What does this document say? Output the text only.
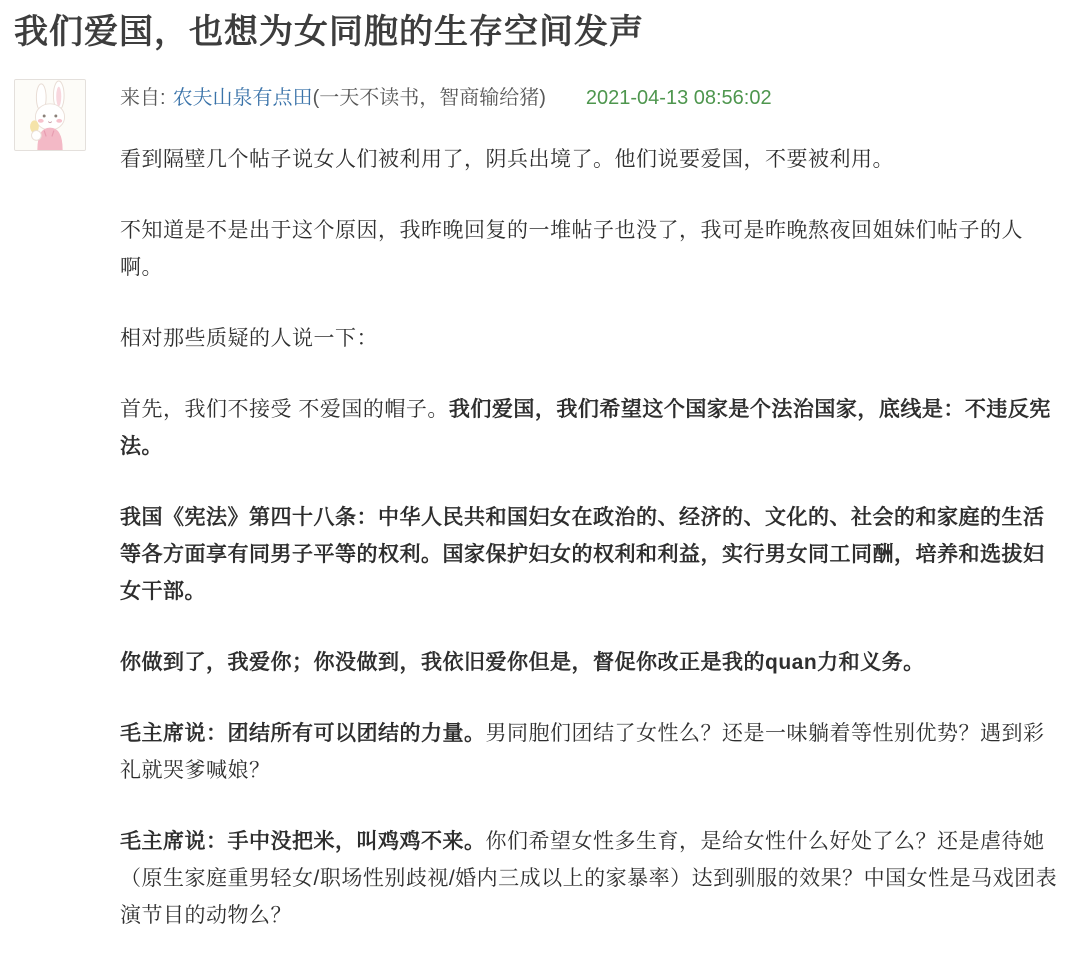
我们爱国，也想为女同胞的生存空间发声
来自: 农夫山泉有点田(一天不读书，智商输给猪) 2021-04-13 08:56:02

看到隔壁几个帖子说女人们被利用了，阴兵出境了。他们说要爱国，不要被利用。

不知道是不是出于这个原因，我昨晚回复的一堆帖子也没了，我可是昨晚熬夜回姐妹们帖子的人啊。

相对那些质疑的人说一下：

首先，我们不接受 不爱国的帽子。我们爱国，我们希望这个国家是个法治国家，底线是：不违反宪法。

我国《宪法》第四十八条：中华人民共和国妇女在政治的、经济的、文化的、社会的和家庭的生活等各方面享有同男子平等的权利。国家保护妇女的权利和利益，实行男女同工同酬，培养和选拔妇女干部。

你做到了，我爱你；你没做到，我依旧爱你但是，督促你改正是我的quan力和义务。

毛主席说：团结所有可以团结的力量。男同胞们团结了女性么？还是一味躺着等性别优势？遇到彩礼就哭爹喊娘？

毛主席说：手中没把米，叫鸡鸡不来。你们希望女性多生育，是给女性什么好处了么？还是虐待她（原生家庭重男轻女/职场性别歧视/婚内三成以上的家暴率）达到驯服的效果？中国女性是马戏团表演节目的动物么？
